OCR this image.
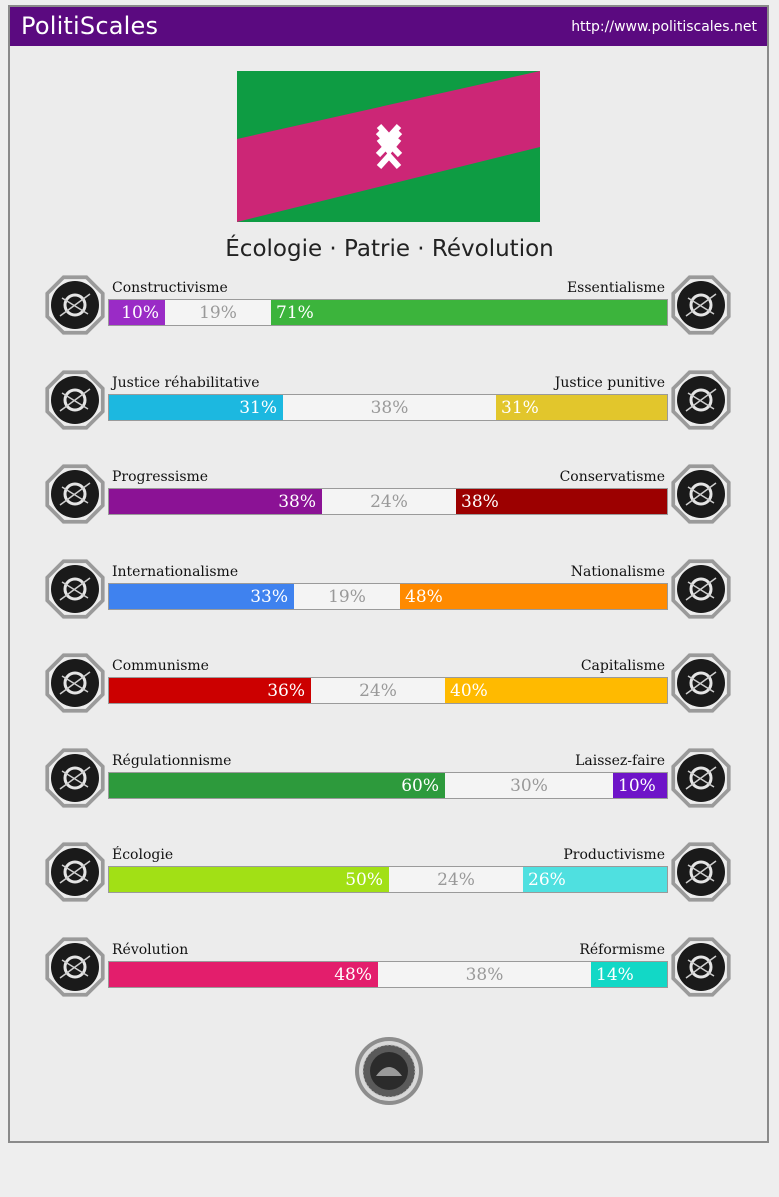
PolitiScales	http://www.politiscales.net
Écologie · Patrie · Révolution
Constructivisme	Essentialisme
10%	19%	71%
Justice réhabilitative	Justice punitive
31%	38%	31%
Progressisme	Conservatisme
38%	24%	38%
Internationalisme	Nationalisme
33%	19%	48%
Communisme	Capitalisme
36%	24%	40%
Régulationnisme	Laissez-faire
60%	30%	10%
Écologie	Productivisme
50%	24%	26%
Révolution	Réformisme
48%	38%	14%
